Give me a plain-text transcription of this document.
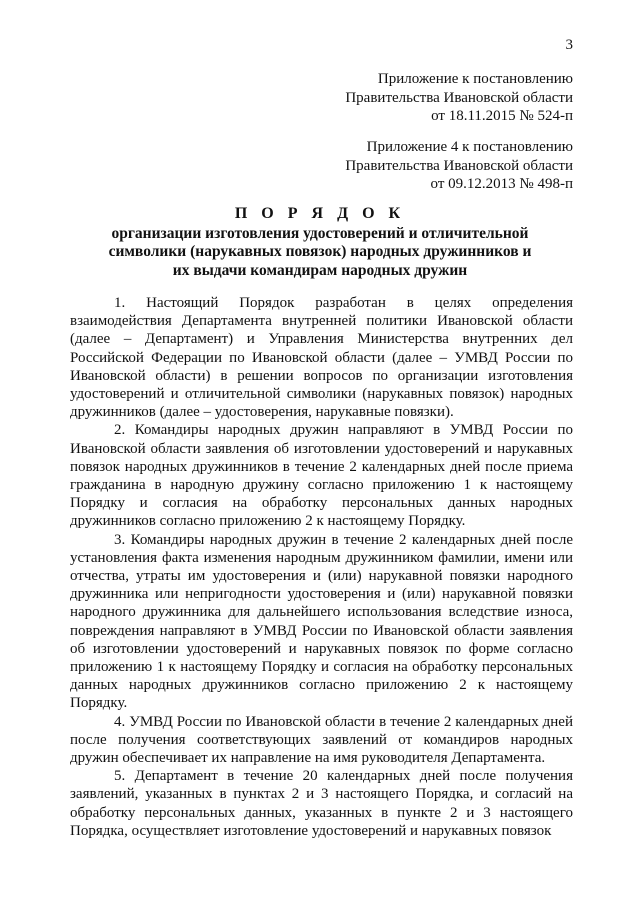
3
Приложение к постановлению
Правительства Ивановской области
от 18.11.2015 № 524-п
Приложение 4 к постановлению
Правительства Ивановской области
от 09.12.2013 № 498-п
П О Р Я Д О К
организации изготовления удостоверений и отличительной
символики (нарукавных повязок) народных дружинников и
их выдачи командирам народных дружин

1. Настоящий Порядок разработан в целях определения взаимодействия Департамента внутренней политики Ивановской области (далее – Департамент) и Управления Министерства внутренних дел Российской Федерации по Ивановской области (далее – УМВД России по Ивановской области) в решении вопросов по организации изготовления удостоверений и отличительной символики (нарукавных повязок) народных дружинников (далее – удостоверения, нарукавные повязки).

2. Командиры народных дружин направляют в УМВД России по Ивановской области заявления об изготовлении удостоверений и нарукавных повязок народных дружинников в течение 2 календарных дней после приема гражданина в народную дружину согласно приложению 1 к настоящему Порядку и согласия на обработку персональных данных народных дружинников согласно приложению 2 к настоящему Порядку.

3. Командиры народных дружин в течение 2 календарных дней после установления факта изменения народным дружинником фамилии, имени или отчества, утраты им удостоверения и (или) нарукавной повязки народного дружинника или непригодности удостоверения и (или) нарукавной повязки народного дружинника для дальнейшего использования вследствие износа, повреждения направляют в УМВД России по Ивановской области заявления об изготовлении удостоверений и нарукавных повязок по форме согласно приложению 1 к настоящему Порядку и согласия на обработку персональных данных народных дружинников согласно приложению 2 к настоящему Порядку.

4. УМВД России по Ивановской области в течение 2 календарных дней после получения соответствующих заявлений от командиров народных дружин обеспечивает их направление на имя руководителя Департамента.

5. Департамент в течение 20 календарных дней после получения заявлений, указанных в пунктах 2 и 3 настоящего Порядка, и согласий на обработку персональных данных, указанных в пункте 2 и 3 настоящего Порядка, осуществляет изготовление удостоверений и нарукавных повязок
